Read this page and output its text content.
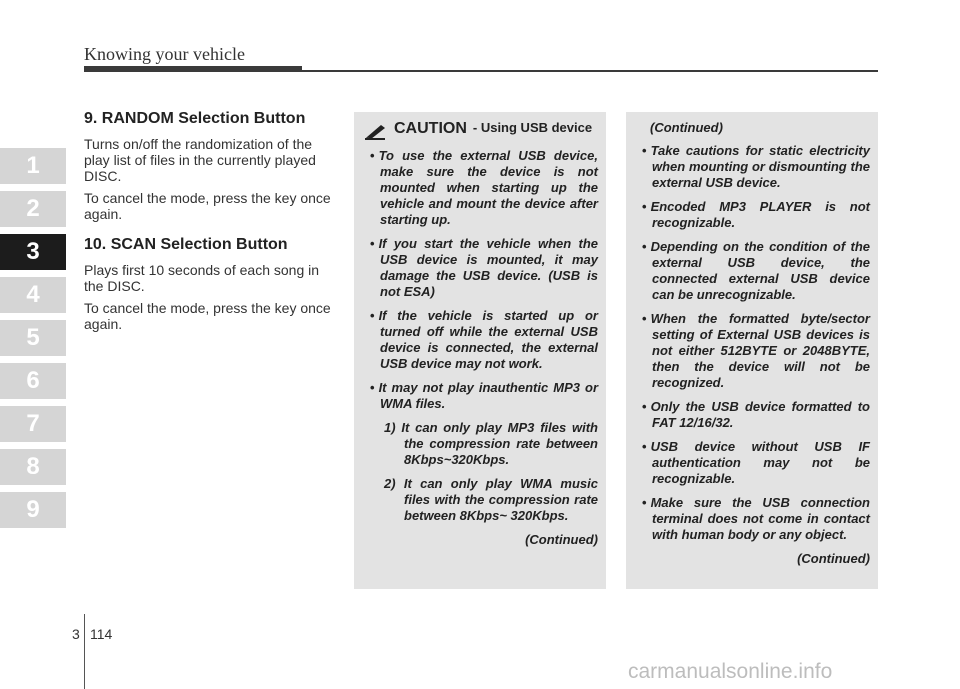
Knowing your vehicle
1
2
3
4
5
6
7
8
9
9. RANDOM Selection Button

Turns on/off the randomization of the play list of files in the currently played DISC.

To cancel the mode, press the key once again.

10. SCAN Selection Button

Plays first 10 seconds of each song in the DISC.

To cancel the mode, press the key once again.

CAUTION - Using USB device
• To use the external USB device, make sure the device is not mounted when starting up the vehicle and mount the device after starting up.
• If you start the vehicle when the USB device is mounted, it may damage the USB device. (USB is not ESA)
• If the vehicle is started up or turned off while the external USB device is connected, the external USB device may not work.
• It may not play inauthentic MP3 or WMA files.
1) It can only play MP3 files with the compression rate between 8Kbps~320Kbps.
2) It can only play WMA music files with the compression rate between 8Kbps~ 320Kbps.
(Continued)
(Continued)
• Take cautions for static electricity when mounting or dismounting the external USB device.
• Encoded MP3 PLAYER is not recognizable.
• Depending on the condition of the external USB device, the connected external USB device can be unrecognizable.
• When the formatted byte/sector setting of External USB devices is not either 512BYTE or 2048BYTE, then the device will not be recognized.
• Only the USB device formatted to FAT 12/16/32.
• USB device without USB IF authentication may not be recognizable.
• Make sure the USB connection terminal does not come in contact with human body or any object.
(Continued)
3 114
carmanualsonline.info
